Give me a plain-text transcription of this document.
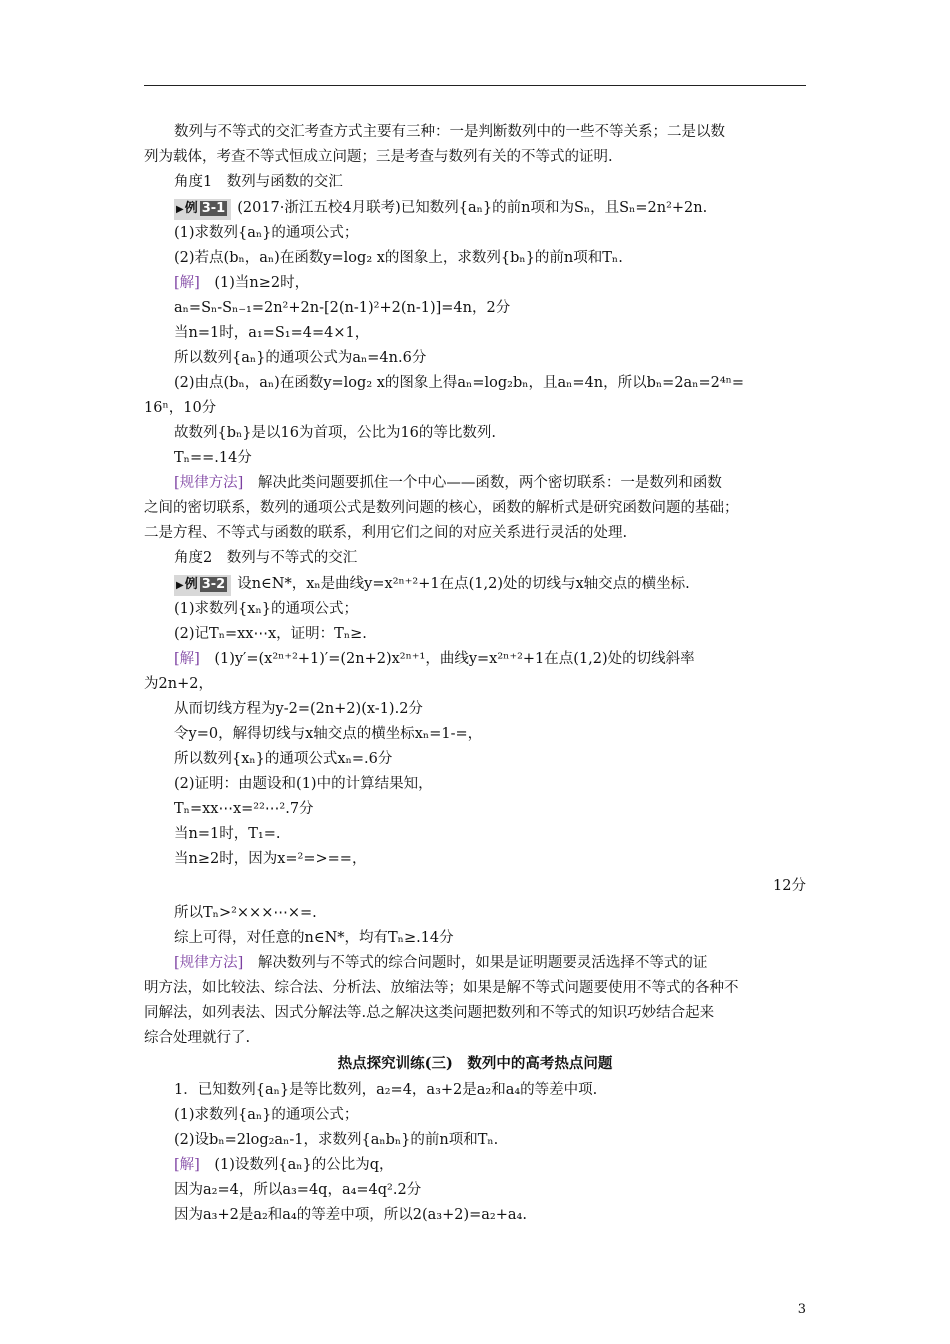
数列与不等式的交汇考查方式主要有三种：一是判断数列中的一些不等关系；二是以数
列为载体，考查不等式恒成立问题；三是考查与数列有关的不等式的证明.
角度1　数列与函数的交汇
▶例 3-1 (2017·浙江五校4月联考)已知数列{aₙ}的前n项和为Sₙ，且Sₙ=2n²+2n.
(1)求数列{aₙ}的通项公式；
(2)若点(bₙ，aₙ)在函数y=log₂ x的图象上，求数列{bₙ}的前n项和Tₙ.
[解]　 (1)当n≥2时，
aₙ=Sₙ-Sₙ₋₁=2n²+2n-[2(n-1)²+2(n-1)]=4n，2分
当n=1时，a₁=S₁=4=4×1，
所以数列{aₙ}的通项公式为aₙ=4n.6分
(2)由点(bₙ，aₙ)在函数y=log₂ x的图象上得aₙ=log₂bₙ，且aₙ=4n，所以bₙ=2aₙ=2⁴ⁿ=
16ⁿ，10分
故数列{bₙ}是以16为首项，公比为16的等比数列.
Tₙ==.14分
[规律方法]　 解决此类问题要抓住一个中心——函数，两个密切联系：一是数列和函数
之间的密切联系，数列的通项公式是数列问题的核心，函数的解析式是研究函数问题的基础；
二是方程、不等式与函数的联系，利用它们之间的对应关系进行灵活的处理.
角度2　数列与不等式的交汇
▶例 3-2 设n∈N*，xₙ是曲线y=x²ⁿ⁺²+1在点(1,2)处的切线与x轴交点的横坐标.
(1)求数列{xₙ}的通项公式；
(2)记Tₙ=xx⋯x，证明：Tₙ≥.
[解]　 (1)y′=(x²ⁿ⁺²+1)′=(2n+2)x²ⁿ⁺¹，曲线y=x²ⁿ⁺²+1在点(1,2)处的切线斜率
为2n+2，
从而切线方程为y-2=(2n+2)(x-1).2分
令y=0，解得切线与x轴交点的横坐标xₙ=1-=，
所以数列{xₙ}的通项公式xₙ=.6分
(2)证明：由题设和(1)中的计算结果知，
Tₙ=xx⋯x=²²⋯².7分
当n=1时，T₁=.
当n≥2时，因为x=²=>==，
12分
所以Tₙ>²×××⋯×=.
综上可得，对任意的n∈N*，均有Tₙ≥.14分
[规律方法]　 解决数列与不等式的综合问题时，如果是证明题要灵活选择不等式的证
明方法，如比较法、综合法、分析法、放缩法等；如果是解不等式问题要使用不等式的各种不
同解法，如列表法、因式分解法等.总之解决这类问题把数列和不等式的知识巧妙结合起来
综合处理就行了.
热点探究训练(三)　数列中的高考热点问题
1．已知数列{aₙ}是等比数列，a₂=4，a₃+2是a₂和a₄的等差中项.
(1)求数列{aₙ}的通项公式；
(2)设bₙ=2log₂aₙ-1，求数列{aₙbₙ}的前n项和Tₙ.
[解]　 (1)设数列{aₙ}的公比为q，
因为a₂=4，所以a₃=4q，a₄=4q².2分
因为a₃+2是a₂和a₄的等差中项，所以2(a₃+2)=a₂+a₄.
3
